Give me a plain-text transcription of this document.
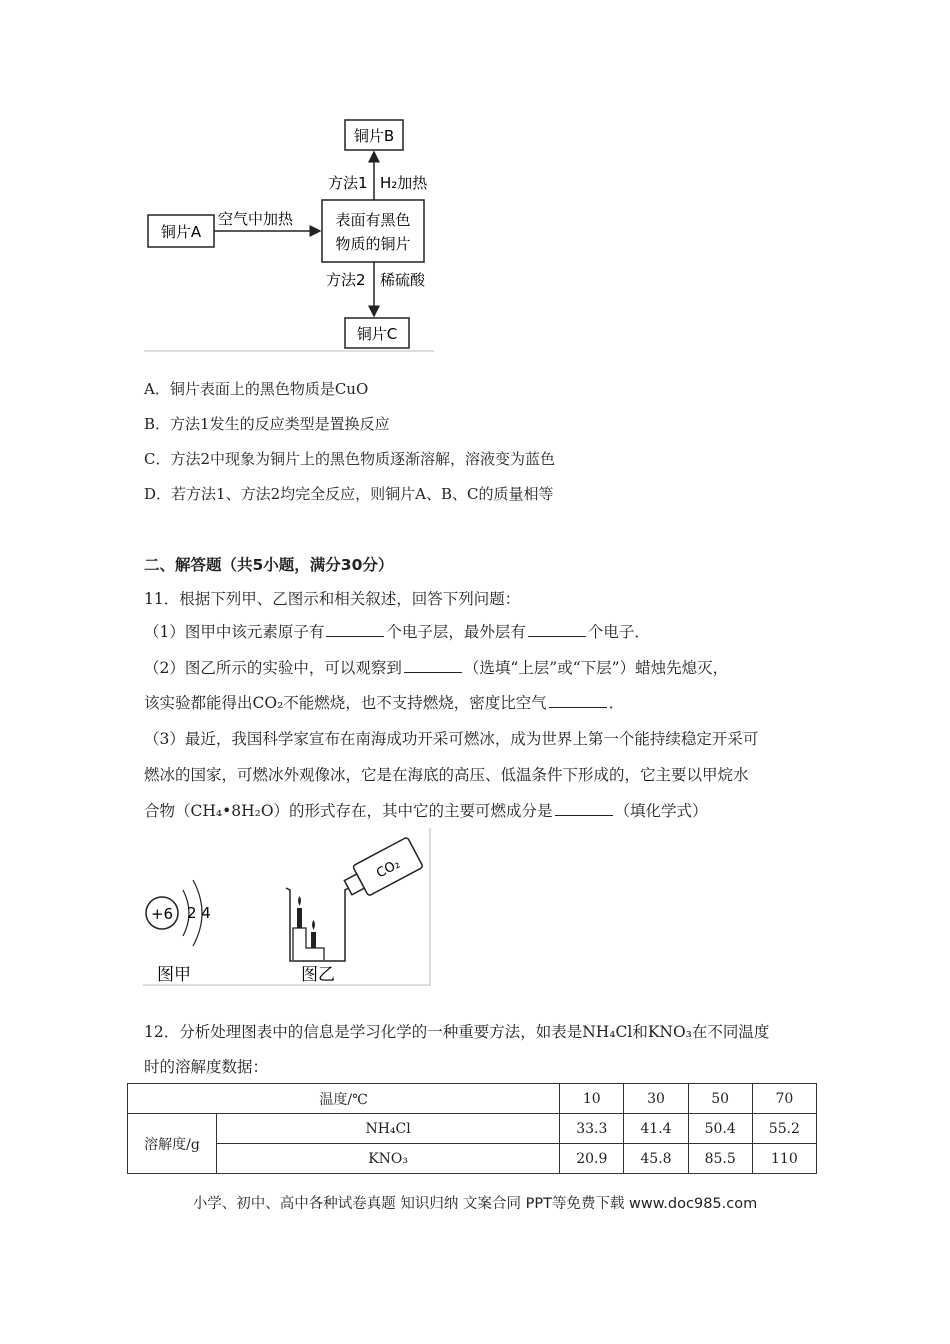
铜片B
铜片A
表面有黑色
物质的铜片
铜片C
空气中加热
方法1 H₂加热
方法2 稀硫酸
A．铜片表面上的黑色物质是CuO
B．方法1发生的反应类型是置换反应
C．方法2中现象为铜片上的黑色物质逐渐溶解，溶液变为蓝色
D．若方法1、方法2均完全反应，则铜片A、B、C的质量相等
二、解答题（共5小题，满分30分）
11．根据下列甲、乙图示和相关叙述，回答下列问题：
（1）图甲中该元素原子有	个电子层，最外层有	个电子．
（2）图乙所示的实验中，可以观察到	（选填“上层”或“下层”）蜡烛先熄灭，
该实验都能得出CO₂不能燃烧，也不支持燃烧，密度比空气	．
（3）最近，我国科学家宣布在南海成功开采可燃冰，成为世界上第一个能持续稳定开采可
燃冰的国家，可燃冰外观像冰，它是在海底的高压、低温条件下形成的，它主要以甲烷水
合物（CH₄•8H₂O）的形式存在，其中它的主要可燃成分是	（填化学式）
+6 2 4
图甲
CO₂
图乙
12．分析处理图表中的信息是学习化学的一种重要方法，如表是NH₄Cl和KNO₃在不同温度
时的溶解度数据：
温度/℃		10	30	50	70
溶解度/g	NH₄Cl	33.3	41.4	50.4	55.2
	KNO₃	20.9	45.8	85.5	110
小学、初中、高中各种试卷真题 知识归纳 文案合同 PPT等免费下载 www.doc985.com
